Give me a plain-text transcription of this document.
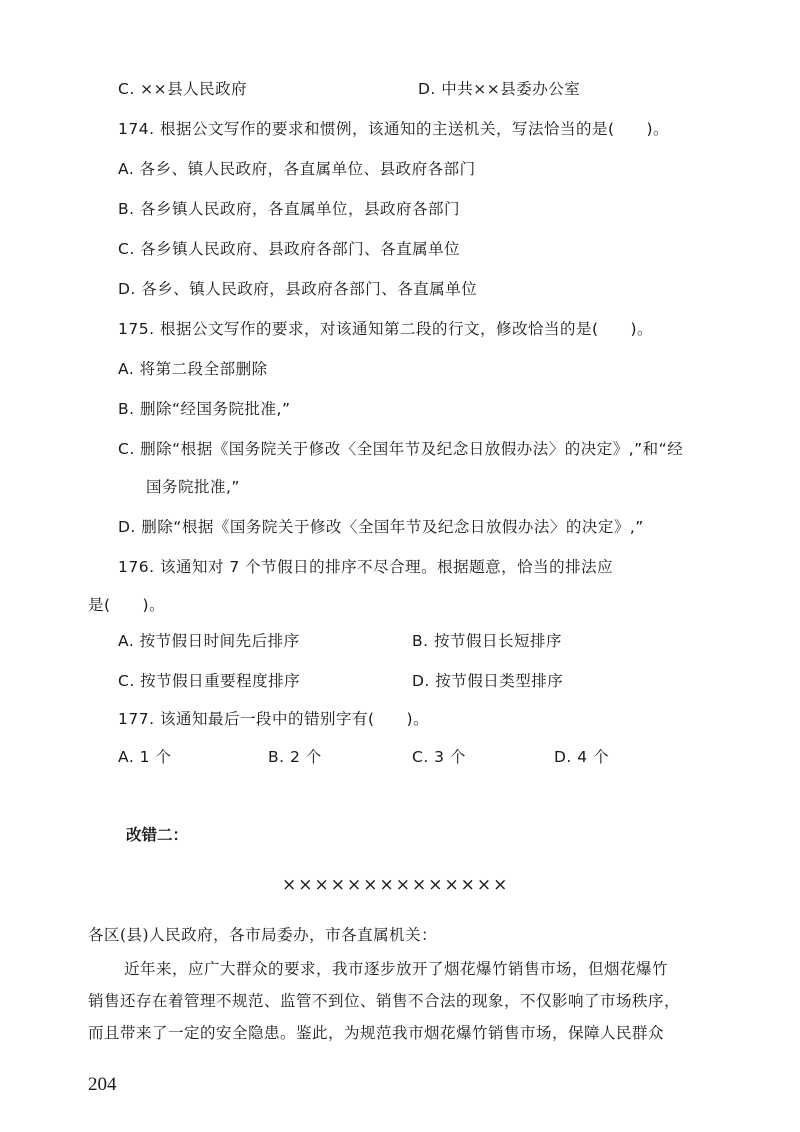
C. ××县人民政府	D. 中共××县委办公室
174. 根据公文写作的要求和惯例，该通知的主送机关，写法恰当的是(　　)。
A. 各乡、镇人民政府，各直属单位、县政府各部门
B. 各乡镇人民政府，各直属单位，县政府各部门
C. 各乡镇人民政府、县政府各部门、各直属单位
D. 各乡、镇人民政府，县政府各部门、各直属单位
175. 根据公文写作的要求，对该通知第二段的行文，修改恰当的是(　　)。
A. 将第二段全部删除
B. 删除“经国务院批准,”
C. 删除“根据《国务院关于修改〈全国年节及纪念日放假办法〉的决定》,”和“经
国务院批准,”
D. 删除“根据《国务院关于修改〈全国年节及纪念日放假办法〉的决定》,”
176. 该通知对 7 个节假日的排序不尽合理。根据题意，恰当的排法应
是(　　)。
A. 按节假日时间先后排序	B. 按节假日长短排序
C. 按节假日重要程度排序	D. 按节假日类型排序
177. 该通知最后一段中的错别字有(　　)。
A. 1 个	B. 2 个	C. 3 个	D. 4 个
改错二：
××××××××××××××
各区(县)人民政府，各市局委办，市各直属机关：
近年来，应广大群众的要求，我市逐步放开了烟花爆竹销售市场，但烟花爆竹
销售还存在着管理不规范、监管不到位、销售不合法的现象，不仅影响了市场秩序，
而且带来了一定的安全隐患。鉴此，为规范我市烟花爆竹销售市场，保障人民群众
204
